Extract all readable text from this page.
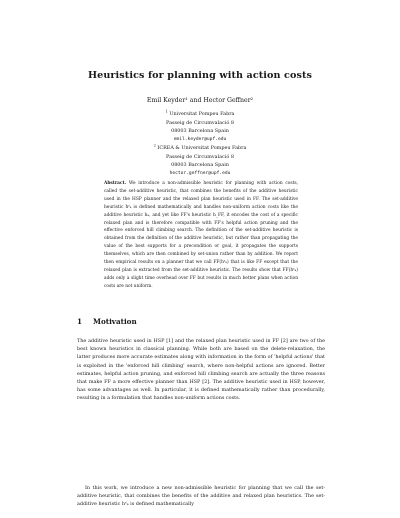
Heuristics for planning with action costs
Emil Keyder¹ and Hector Geffner²
$^1$ Universitat Pompeu Fabra
Passeig de Circumvalació 8
08003 Barcelona Spain
emil.keyder@upf.edu
$^2$ ICREA & Universitat Pompeu Fabra
Passeig de Circumvalació 8
08003 Barcelona Spain
hector.geffner@upf.edu
Abstract. We introduce a non-admissible heuristic for planning with action costs, called the set-additive heuristic, that combines the benefits of the additive heuristic used in the HSP planner and the relaxed plan heuristic used in FF. The set-additive heuristic hˢₐ is defined mathematically and handles non-uniform action costs like the additive heuristic hₐ, and yet like FF's heuristic h_FF, it encodes the cost of a specific relaxed plan and is therefore compatible with FF's helpful action pruning and the effective enforced hill climbing search. The definition of the set-additive heuristic is obtained from the definition of the additive heuristic, but rather than propagating the value of the best supports for a precondition or goal, it propagates the supports themselves, which are then combined by set-union rather than by addition. We report then empirical results on a planner that we call FF(hˢₐ) that is like FF except that the relaxed plan is extracted from the set-additive heuristic. The results show that FF(hˢₐ) adds only a slight time overhead over FF but results in much better plans when action costs are not uniform.
1 Motivation
The additive heuristic used in HSP [1] and the relaxed plan heuristic used in FF [2] are two of the best known heuristics in classical planning. While both are based on the delete-relaxation, the latter produces more accurate estimates along with information in the form of 'helpful actions' that is exploited in the 'enforced hill climbing' search, where non-helpful actions are ignored. Better estimates, helpful action pruning, and enforced hill climbing search are actually the three reasons that make FF a more effective planner than HSP [2]. The additive heuristic used in HSP, however, has some advantages as well. In particular, it is defined mathematically rather than procedurally, resulting in a formulation that handles non-uniform actions costs.
In this work, we introduce a new non-admissible heuristic for planning that we call the set-additive heuristic, that combines the benefits of the additive and relaxed plan heuristics. The set-additive heuristic hˢₐ is defined mathematically
